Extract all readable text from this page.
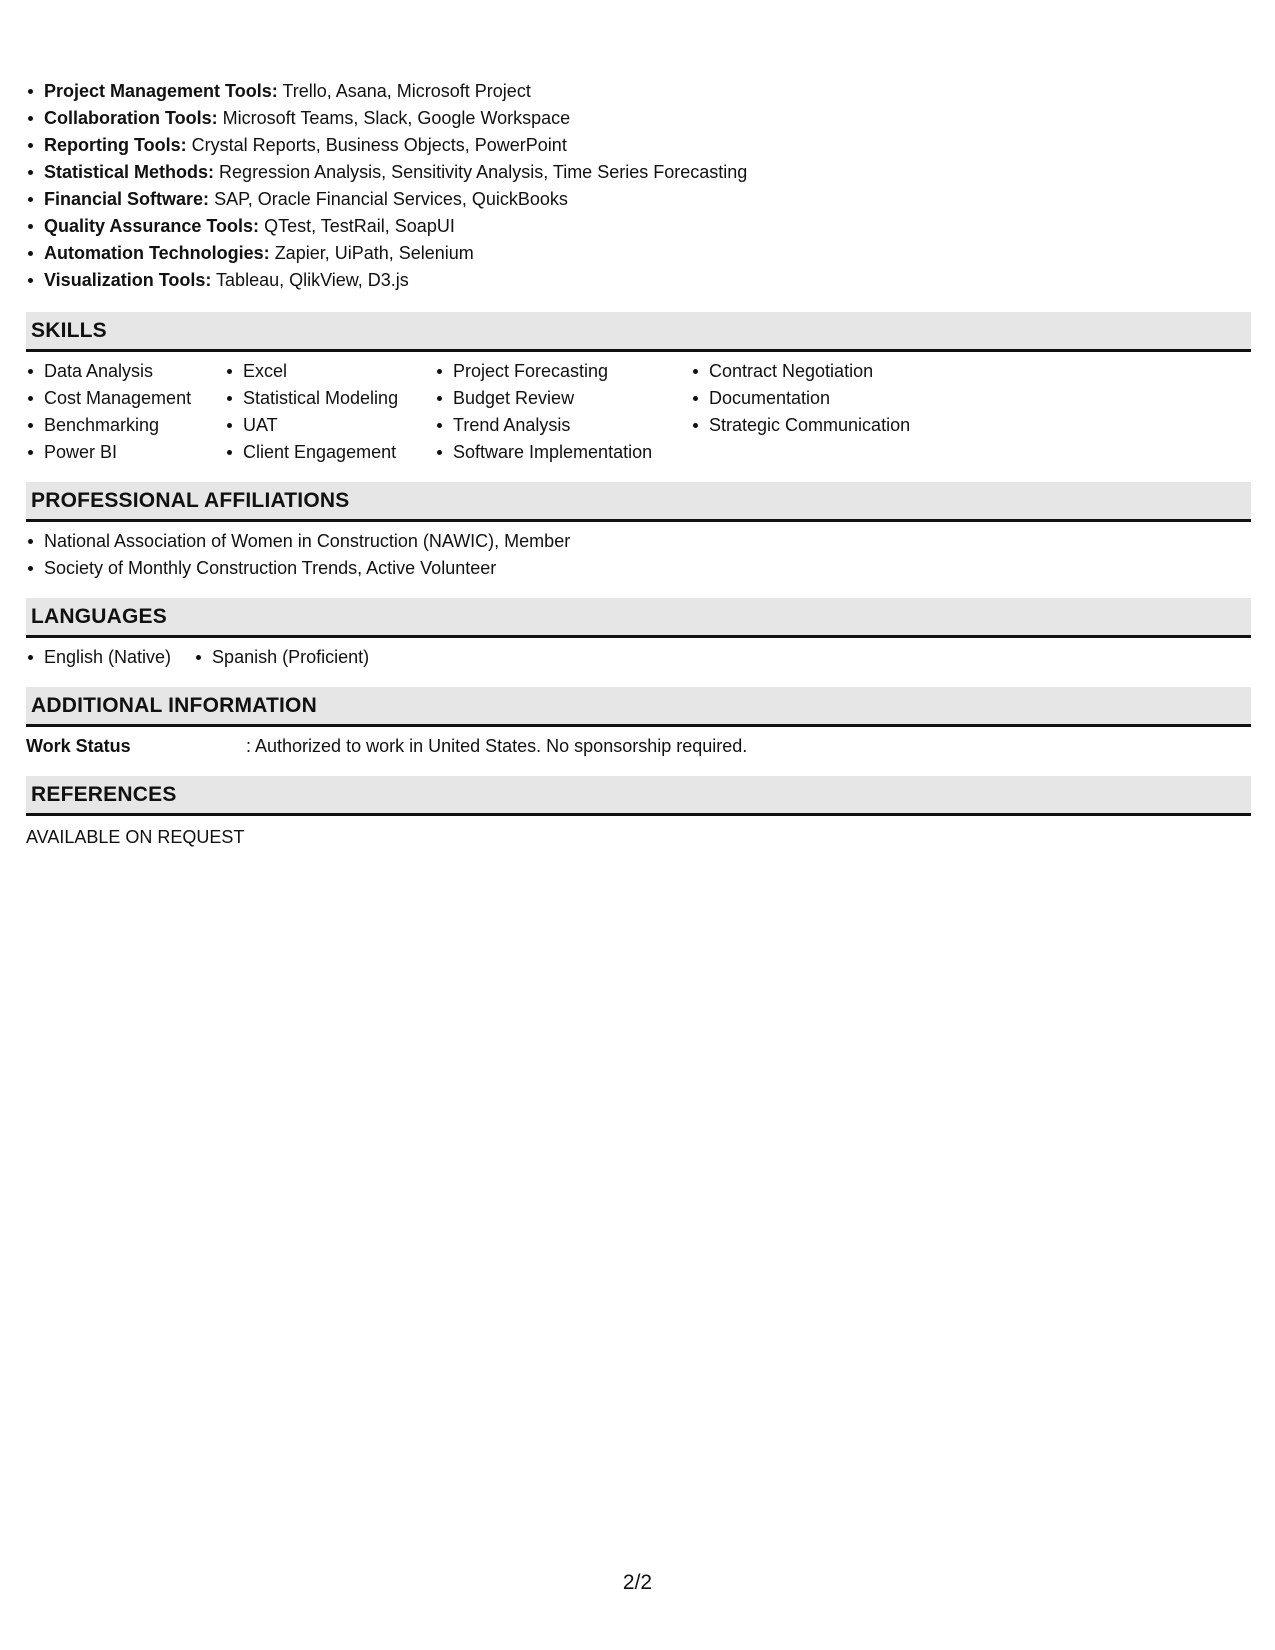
Project Management Tools: Trello, Asana, Microsoft Project
Collaboration Tools: Microsoft Teams, Slack, Google Workspace
Reporting Tools: Crystal Reports, Business Objects, PowerPoint
Statistical Methods: Regression Analysis, Sensitivity Analysis, Time Series Forecasting
Financial Software: SAP, Oracle Financial Services, QuickBooks
Quality Assurance Tools: QTest, TestRail, SoapUI
Automation Technologies: Zapier, UiPath, Selenium
Visualization Tools: Tableau, QlikView, D3.js
SKILLS
Data Analysis
Cost Management
Benchmarking
Power BI
Excel
Statistical Modeling
UAT
Client Engagement
Project Forecasting
Budget Review
Trend Analysis
Software Implementation
Contract Negotiation
Documentation
Strategic Communication
PROFESSIONAL AFFILIATIONS
National Association of Women in Construction (NAWIC), Member
Society of Monthly Construction Trends, Active Volunteer
LANGUAGES
English (Native)	Spanish (Proficient)
ADDITIONAL INFORMATION
Work Status	: Authorized to work in United States. No sponsorship required.
REFERENCES
AVAILABLE ON REQUEST
2/2
